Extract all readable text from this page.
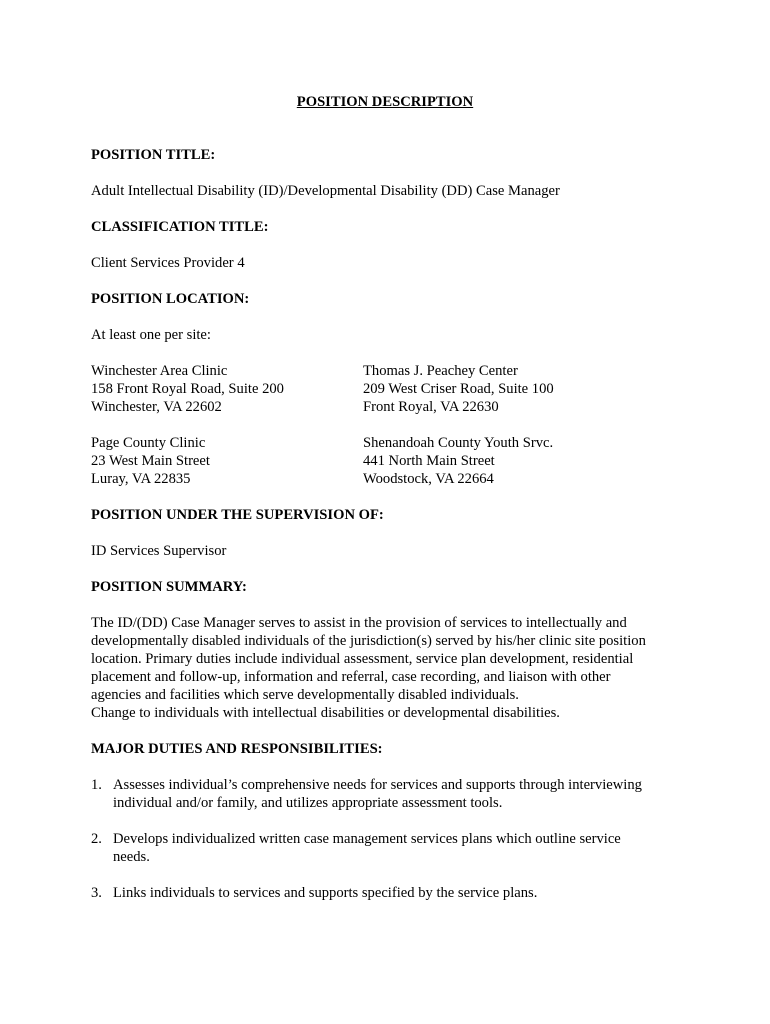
POSITION DESCRIPTION

POSITION TITLE:

Adult Intellectual Disability (ID)/Developmental Disability (DD) Case Manager

CLASSIFICATION TITLE:

Client Services Provider 4

POSITION LOCATION:

At least one per site:

Winchester Area Clinic
158 Front Royal Road, Suite 200
Winchester, VA 22602
Thomas J. Peachey Center
209 West Criser Road, Suite 100
Front Royal, VA 22630
Page County Clinic
23 West Main Street
Luray, VA 22835
Shenandoah County Youth Srvc.
441 North Main Street
Woodstock, VA 22664

POSITION UNDER THE SUPERVISION OF:

ID Services Supervisor

POSITION SUMMARY:

The ID/(DD) Case Manager serves to assist in the provision of services to intellectually and
developmentally disabled individuals of the jurisdiction(s) served by his/her clinic site position
location. Primary duties include individual assessment, service plan development, residential
placement and follow-up, information and referral, case recording, and liaison with other
agencies and facilities which serve developmentally disabled individuals.
Change to individuals with intellectual disabilities or developmental disabilities.

MAJOR DUTIES AND RESPONSIBILITIES:

1. Assesses individual’s comprehensive needs for services and supports through interviewing
individual and/or family, and utilizes appropriate assessment tools.
2. Develops individualized written case management services plans which outline service
needs.
3. Links individuals to services and supports specified by the service plans.
